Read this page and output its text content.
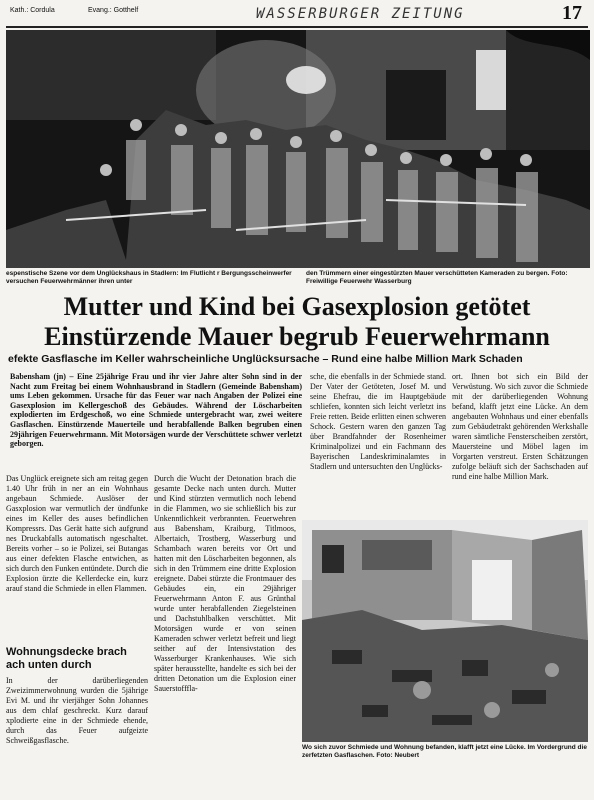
Kath.: Cordula	Evang.: Gotthelf	WASSERBURGER ZEITUNG	17
espenstische Szene vor dem Unglückshaus in Stadlern: Im Flutlicht r Bergungsscheinwerfer versuchen Feuerwehrmänner ihren unter
den Trümmern einer eingestürzten Mauer verschütteten Kameraden zu bergen. Foto: Freiwillige Feuerwehr Wasserburg
Mutter und Kind bei Gasexplosion getötet
Einstürzende Mauer begrub Feuerwehrmann
efekte Gasflasche im Keller wahrscheinliche Unglücksursache – Rund eine halbe Million Mark Schaden
Babensham (jn) – Eine 25jährige Frau und ihr vier Jahre alter Sohn sind in der Nacht zum Freitag bei einem Wohnhausbrand in Stadlern (Gemeinde Babensham) ums Leben gekommen. Ursache für das Feuer war nach Angaben der Polizei eine Gasexplosion im Kellergeschoß des Gebäudes. Während der Löscharbeiten explodierten im Erdgeschoß, wo eine Schmiede untergebracht war, zwei weitere Gasflaschen. Einstürzende Mauerteile und herabfallende Balken begruben einen 29jährigen Feuerwehrmann. Mit Motorsägen wurde der Verschüttete schwer verletzt geborgen.
sche, die ebenfalls in der Schmiede stand. Der Vater der Getöteten, Josef M. und seine Ehefrau, die im Hauptgebäude schliefen, konnten sich leicht verletzt ins Freie retten. Beide erlitten einen schweren Schock. Gestern waren den ganzen Tag über Brandfahnder der Rosenheimer Kriminalpolizei und ein Fachmann des Bayerischen Landeskriminalamtes in Stadlern und untersuchten den Unglücks-
ort. Ihnen bot sich ein Bild der Verwüstung. Wo sich zuvor die Schmiede mit der darüberliegenden Wohnung befand, klafft jetzt eine Lücke. An dem angebauten Wohnhaus und einer ebenfalls zum Gebäudetrakt gehörenden Werkshalle waren sämtliche Fensterscheiben zerstört, Mauersteine und Möbel lagen im Vorgarten verstreut. Ersten Schätzungen zufolge beläuft sich der Sachschaden auf rund eine halbe Million Mark.
Das Unglück ereignete sich am reitag gegen 1.40 Uhr früh in ner an ein Wohnhaus angebaun Schmiede. Auslöser der Gasxplosion war vermutlich der ündfunke eines im Keller des auses befindlichen Kompressrs. Das Gerät hatte sich aufgrund nes Druckabfalls automatisch ngeschaltet. Bereits vorher – so ie Polizei, sei Butangas aus einer defekten Flasche entwichen, as sich durch den Funken entündete. Durch die Explosion ürzte die Kellerdecke ein, kurz arauf stand die Schmiede in ellen Flammen.
Wohnungsdecke brach ach unten durch
In der darüberliegenden Zweizimmerwohnung wurden die 5jährige Evi M. und ihr vierjähger Sohn Johannes aus dem chlaf geschreckt. Kurz darauf xplodierte eine in der Schmiede ehende, durch das Feuer aufgeizte Schweißgasflasche.
Durch die Wucht der Detonation brach die gesamte Decke nach unten durch. Mutter und Kind stürzten vermutlich noch lebend in die Flammen, wo sie schließlich bis zur Unkenntlichkeit verbrannten. Feuerwehren aus Babensham, Kraiburg, Titlmoos, Albertaich, Trostberg, Wasserburg und Schambach waren bereits vor Ort und hatten mit den Löscharbeiten begonnen, als sich in den Trümmern eine dritte Explosion ereignete. Dabei stürzte die Frontmauer des Gebäudes ein, ein 29jähriger Feuerwehrmann Anton F. aus Grünthal wurde unter herabfallenden Ziegelsteinen und Dachstuhlbalken verschüttet. Mit Motorsägen wurde er von seinen Kameraden schwer verletzt befreit und liegt seither auf der Intensivstation des Wasserburger Krankenhauses. Wie sich später herausstellte, handelte es sich bei der dritten Detonation um die Explosion einer Sauerstofffla-
Wo sich zuvor Schmiede und Wohnung befanden, klafft jetzt eine Lücke. Im Vordergrund die zerfetzten Gasflaschen. Foto: Neubert
